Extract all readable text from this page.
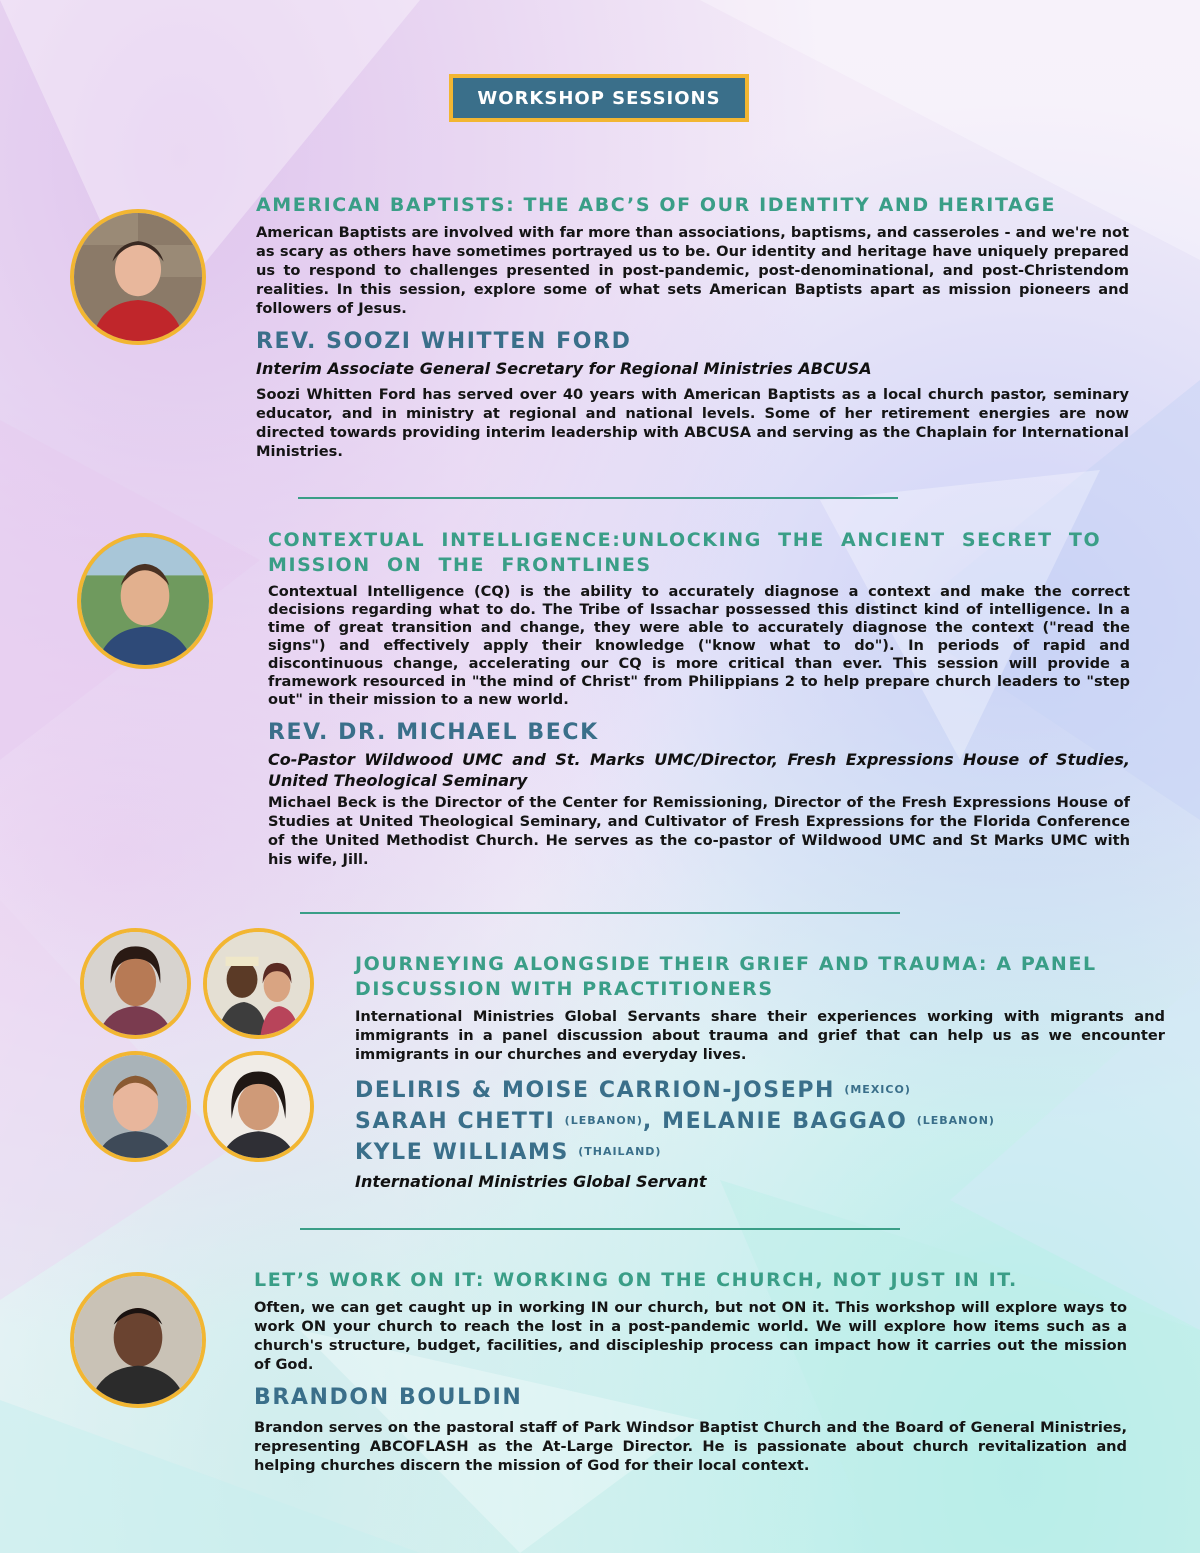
WORKSHOP SESSIONS
AMERICAN BAPTISTS: THE ABC’S OF OUR IDENTITY AND HERITAGE

American Baptists are involved with far more than associations, baptisms, and casseroles - and we're not as scary as others have sometimes portrayed us to be. Our identity and heritage have uniquely prepared us to respond to challenges presented in post-pandemic, post-denominational, and post-Christendom realities. In this session, explore some of what sets American Baptists apart as mission pioneers and followers of Jesus.

REV. SOOZI WHITTEN FORD
Interim Associate General Secretary for Regional Ministries ABCUSA

Soozi Whitten Ford has served over 40 years with American Baptists as a local church pastor, seminary educator, and in ministry at regional and national levels. Some of her retirement energies are now directed towards providing interim leadership with ABCUSA and serving as the Chaplain for International Ministries.

CONTEXTUAL INTELLIGENCE:UNLOCKING THE ANCIENT SECRET TO MISSION ON THE FRONTLINES

Contextual Intelligence (CQ) is the ability to accurately diagnose a context and make the correct decisions regarding what to do. The Tribe of Issachar possessed this distinct kind of intelligence. In a time of great transition and change, they were able to accurately diagnose the context ("read the signs") and effectively apply their knowledge ("know what to do"). In periods of rapid and discontinuous change, accelerating our CQ is more critical than ever. This session will provide a framework resourced in "the mind of Christ" from Philippians 2 to help prepare church leaders to "step out" in their mission to a new world.

REV. DR. MICHAEL BECK
Co-Pastor Wildwood UMC and St. Marks UMC/Director, Fresh Expressions House of Studies, United Theological Seminary

Michael Beck is the Director of the Center for Remissioning, Director of the Fresh Expressions House of Studies at United Theological Seminary, and Cultivator of Fresh Expressions for the Florida Conference of the United Methodist Church. He serves as the co-pastor of Wildwood UMC and St Marks UMC with his wife, Jill.

JOURNEYING ALONGSIDE THEIR GRIEF AND TRAUMA: A PANEL DISCUSSION WITH PRACTITIONERS

International Ministries Global Servants share their experiences working with migrants and immigrants in a panel discussion about trauma and grief that can help us as we encounter immigrants in our churches and everyday lives.

DELIRIS & MOISE CARRION-JOSEPH (MEXICO)
SARAH CHETTI (LEBANON), MELANIE BAGGAO (LEBANON)
KYLE WILLIAMS (THAILAND)
International Ministries Global Servant
LET’S WORK ON IT: WORKING ON THE CHURCH, NOT JUST IN IT.

Often, we can get caught up in working IN our church, but not ON it. This workshop will explore ways to work ON your church to reach the lost in a post-pandemic world. We will explore how items such as a church's structure, budget, facilities, and discipleship process can impact how it carries out the mission of God.

BRANDON BOULDIN

Brandon serves on the pastoral staff of Park Windsor Baptist Church and the Board of General Ministries, representing ABCOFLASH as the At-Large Director. He is passionate about church revitalization and helping churches discern the mission of God for their local context.
